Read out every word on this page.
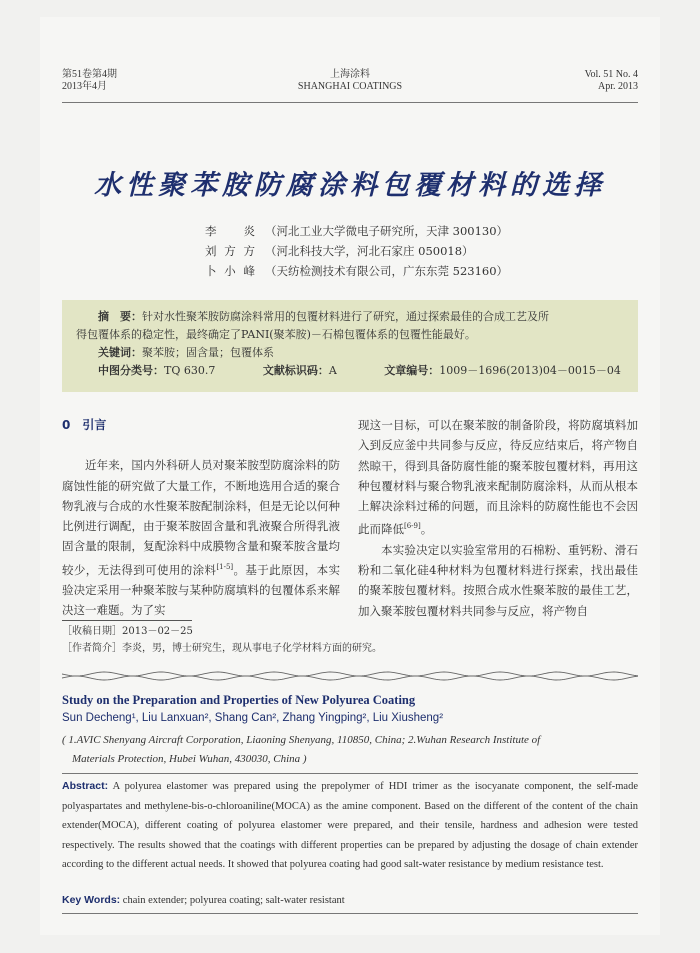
第51卷第4期
2013年4月
上海涂料
SHANGHAI COATINGS
Vol. 51 No. 4
Apr. 2013
水性聚苯胺防腐涂料包覆材料的选择
李炎 （河北工业大学微电子研究所，天津 300130）
刘方方 （河北科技大学，河北石家庄 050018）
卜小峰 （天纺检测技术有限公司，广东东莞 523160）
摘　要：针对水性聚苯胺防腐涂料常用的包覆材料进行了研究，通过探索最佳的合成工艺及所
得包覆体系的稳定性，最终确定了PANI(聚苯胺)－石棉包覆体系的包覆性能最好。
关键词：聚苯胺；固含量；包覆体系
中图分类号：TQ 630.7	文献标识码：A	文章编号：1009－1696(2013)04－0015－04
0　引言
近年来，国内外科研人员对聚苯胺型防腐涂料的防腐蚀性能的研究做了大量工作，不断地选用合适的聚合物乳液与合成的水性聚苯胺配制涂料，但是无论以何种比例进行调配，由于聚苯胺固含量和乳液聚合所得乳液固含量的限制，复配涂料中成膜物含量和聚苯胺含量均较少，无法得到可使用的涂料[1-5]。基于此原因，本实验决定采用一种聚苯胺与某种防腐填料的包覆体系来解决这一难题。为了实
现这一目标，可以在聚苯胺的制备阶段，将防腐填料加入到反应釜中共同参与反应，待反应结束后，将产物自然晾干，得到具备防腐性能的聚苯胺包覆材料，再用这种包覆材料与聚合物乳液来配制防腐涂料，从而从根本上解决涂料过稀的问题，而且涂料的防腐性能也不会因此而降低[6-9]。
本实验决定以实验室常用的石棉粉、重钙粉、滑石粉和二氧化硅4种材料为包覆材料进行探索，找出最佳的聚苯胺包覆材料。按照合成水性聚苯胺的最佳工艺，加入聚苯胺包覆材料共同参与反应，将产物自
［收稿日期］2013－02－25
［作者简介］李炎，男，博士研究生，现从事电子化学材料方面的研究。
Study on the Preparation and Properties of New Polyurea Coating
Sun Decheng¹, Liu Lanxuan², Shang Can², Zhang Yingping², Liu Xiusheng²
( 1.AVIC Shenyang Aircraft Corporation, Liaoning Shenyang, 110850, China; 2.Wuhan Research Institute of
Materials Protection, Hubei Wuhan, 430030, China )
Abstract: A polyurea elastomer was prepared using the prepolymer of HDI trimer as the isocyanate component, the self-made polyaspartates and methylene-bis-o-chloroaniline(MOCA) as the amine component. Based on the different of the content of the chain extender(MOCA), different coating of polyurea elastomer were prepared, and their tensile, hardness and adhesion were tested respectively. The results showed that the coatings with different properties can be prepared by adjusting the dosage of chain extender according to the different actual needs. It showed that polyurea coating had good salt-water resistance by medium resistance test.
Key Words: chain extender; polyurea coating; salt-water resistant
